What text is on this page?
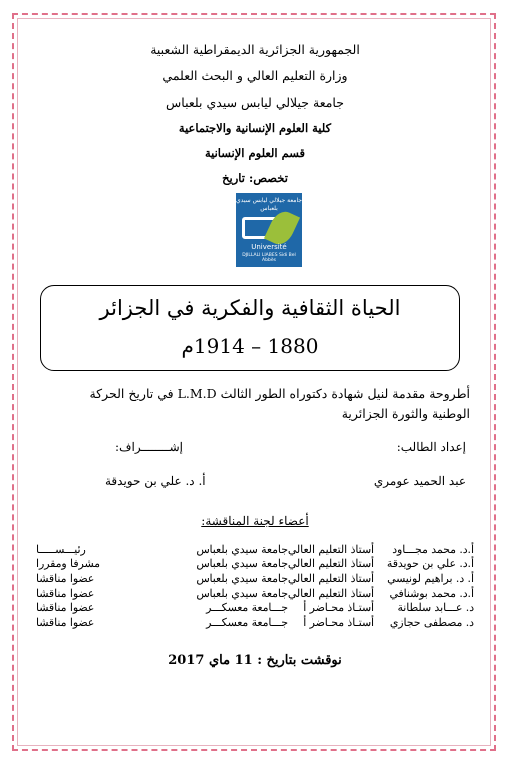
الجمهورية الجزائرية الديمقراطية الشعبية
وزارة التعليم العالي و البحث العلمي
جامعة جيلالي ليابس سيدي بلعباس
كلية العلوم الإنسانية والاجتماعية
قسم العلوم الإنسانية
تخصص: تاريخ
جامعة جيلالي ليابس سيدي بلعباس
Université
DJILLALI LIABES Sidi Bel Abbès
الحياة الثقافية والفكرية في الجزائر
1880 – 1914م
أطروحة مقدمة لنيل شهادة دكتوراه الطور الثالث L.M.D في تاريخ الحركة
الوطنية والثورة الجزائرية
إعداد الطالب:
إشــــــــراف:
عبد الحميد عومري
أ. د. علي بن حويدقة
أعضاء لجنة المناقشة:
أ.د. محمد مجـــاود	أستاذ التعليم العالي	جامعة سيدي بلعباس	رئيـــســـــا
أ.د. علي بن حويدقة	أستاذ التعليم العالي	جامعة سيدي بلعباس	مشرفا ومقررا
أ. د. براهيم لونيسي	أستاذ التعليم العالي	جامعة سيدي بلعباس	عضوا مناقشا
أ.د. محمد بوشنافي	أستاذ التعليم العالي	جامعة سيدي بلعباس	عضوا مناقشا
د. عـــابد سلطانة	أستـاذ محـاضر أ	جـــامعة معسكـــر	عضوا مناقشا
د. مصطفى حجازي	أستـاذ محـاضر أ	جـــامعة معسكـــر	عضوا مناقشا
نوقشت بتاريخ : 11 ماي 2017
